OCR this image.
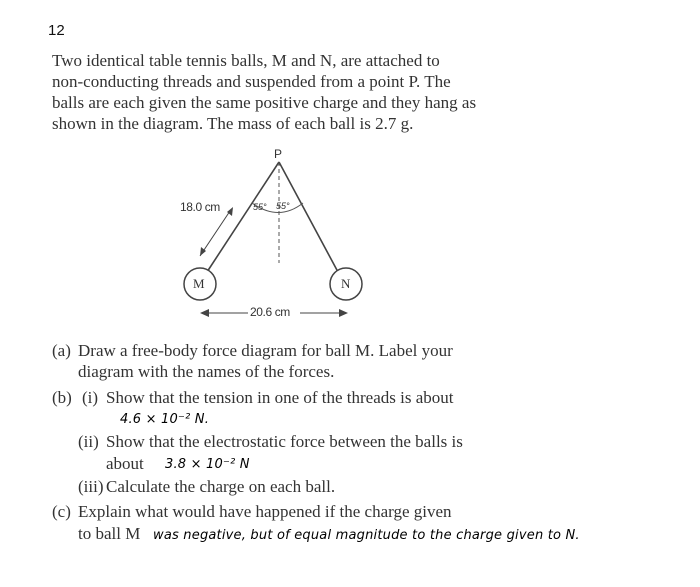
12
Two identical table tennis balls, M and N, are attached to
non-conducting threads and suspended from a point P. The
balls are each given the same positive charge and they hang as
shown in the diagram. The mass of each ball is 2.7 g.
P
18.0 cm	55° 55°
M	N
20.6 cm
(a) Draw a free-body force diagram for ball M. Label your
diagram with the names of the forces.
(b) (i) Show that the tension in one of the threads is about
4.6 × 10⁻² N.
(ii) Show that the electrostatic force between the balls is
about 3.8 × 10⁻² N
(iii) Calculate the charge on each ball.
(c) Explain what would have happened if the charge given
to ball M was negative, but of equal magnitude to the charge given to N.
